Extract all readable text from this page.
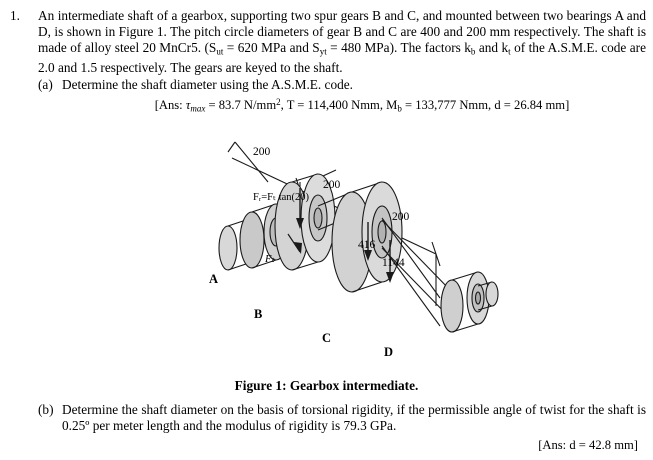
1.	An intermediate shaft of a gearbox, supporting two spur gears B and C, and mounted between two bearings A and D, is shown in Figure 1. The pitch circle diameters of gear B and C are 400 and 200 mm respectively. The shaft is made of alloy steel 20 MnCr5. ($S_{ut} = 620$ MPa and $S_{yt} = 480$ MPa). The factors $k_b$ and $k_t$ of the A.S.M.E. code are 2.0 and 1.5 respectively. The gears are keyed to the shaft.

(a) Determine the shaft diameter using the A.S.M.E. code.
[Ans: $\tau_{max} = 83.7$ $N/mm^2$, T = 114,400 Nmm, $M_b = 133,777$ Nmm, d = 26.84 mm]
200
200
200
Fᵣ=Fₜ tan(20)
Fₜ
416
1144
A
B
C
D
Figure 1: Gearbox intermediate.
(b) Determine the shaft diameter on the basis of torsional rigidity, if the permissible angle of twist for the shaft is 0.25º per meter length and the modulus of rigidity is 79.3 GPa.
[Ans: d = 42.8 mm]
